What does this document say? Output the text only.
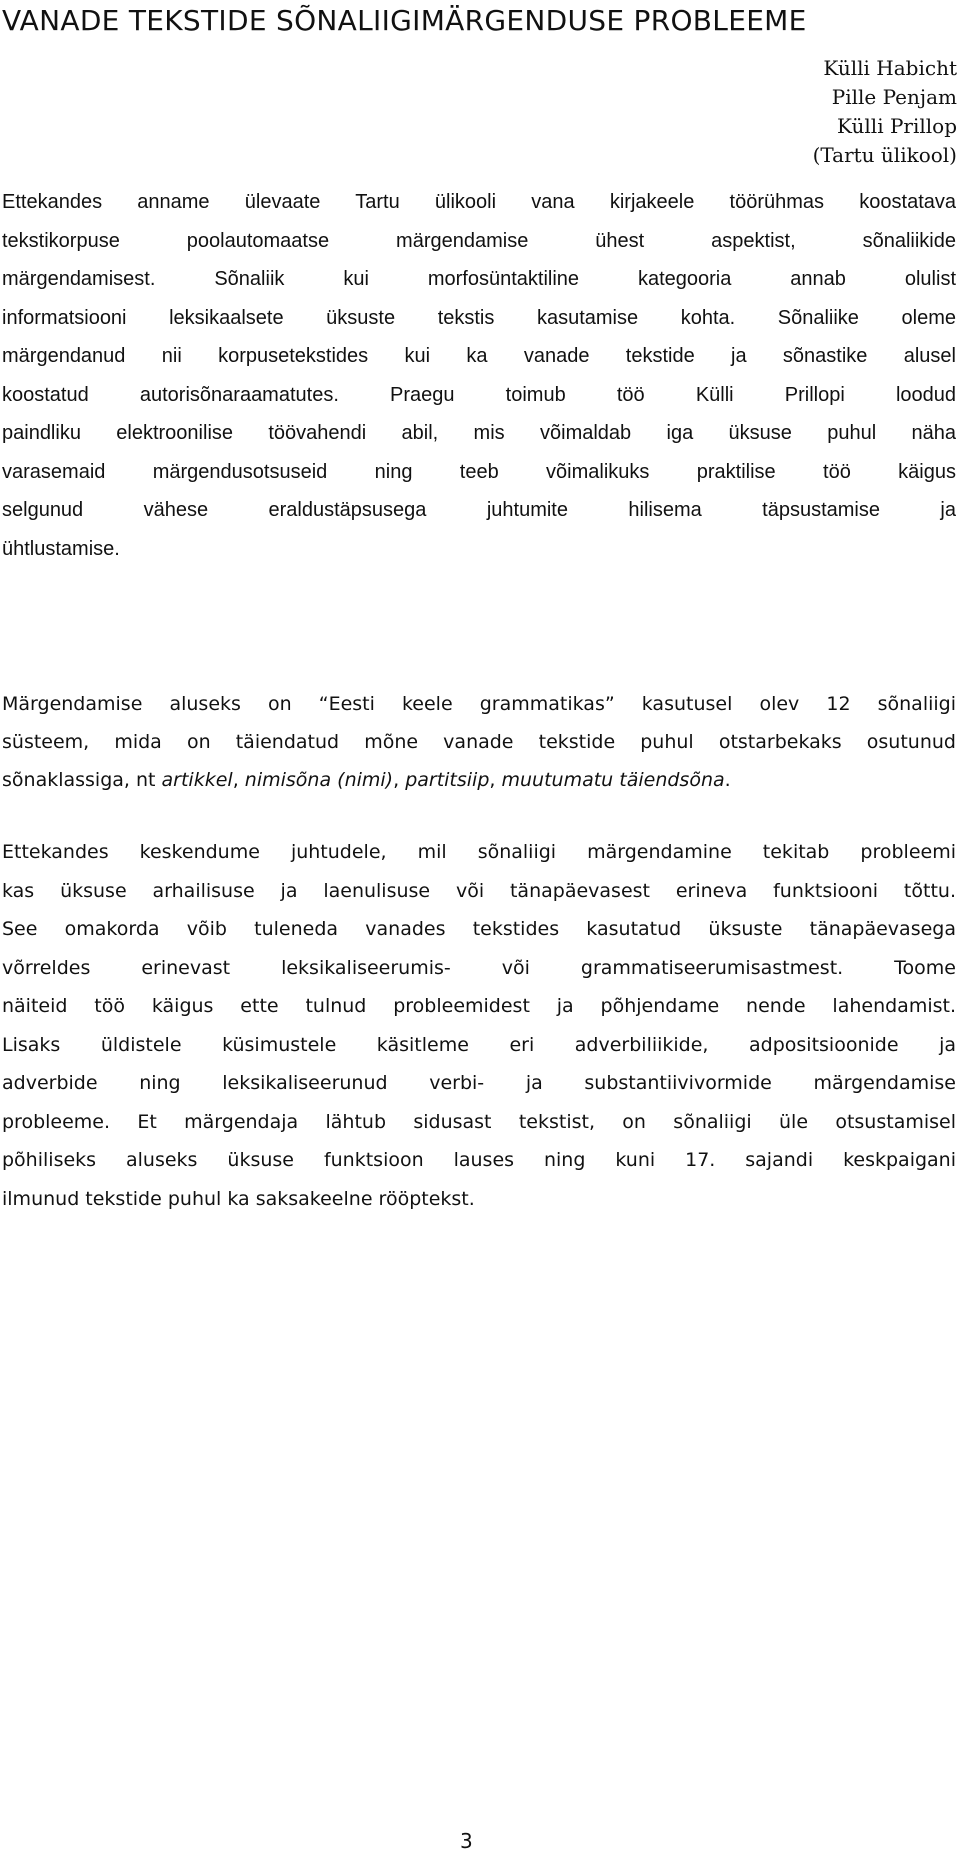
VANADE TEKSTIDE SÕNALIIGIMÄRGENDUSE PROBLEEME
Külli Habicht
Pille Penjam
Külli Prillop
(Tartu ülikool)

Ettekandes anname ülevaate Tartu ülikooli vana kirjakeele töörühmas koostatava
tekstikorpuse poolautomaatse märgendamise ühest aspektist, sõnaliikide
märgendamisest. Sõnaliik kui morfosüntaktiline kategooria annab olulist
informatsiooni leksikaalsete üksuste tekstis kasutamise kohta. Sõnaliike oleme
märgendanud nii korpusetekstides kui ka vanade tekstide ja sõnastike alusel
koostatud autorisõnaraamatutes. Praegu toimub töö Külli Prillopi loodud
paindliku elektroonilise töövahendi abil, mis võimaldab iga üksuse puhul näha
varasemaid märgendusotsuseid ning teeb võimalikuks praktilise töö käigus
selgunud vähese eraldustäpsusega juhtumite hilisema täpsustamise ja
ühtlustamise.

Märgendamise aluseks on “Eesti keele grammatikas” kasutusel olev 12 sõnaliigi
süsteem, mida on täiendatud mõne vanade tekstide puhul otstarbekaks osutunud
sõnaklassiga, nt artikkel, nimisõna (nimi), partitsiip, muutumatu täiendsõna.

Ettekandes keskendume juhtudele, mil sõnaliigi märgendamine tekitab probleemi
kas üksuse arhailisuse ja laenulisuse või tänapäevasest erineva funktsiooni tõttu.
See omakorda võib tuleneda vanades tekstides kasutatud üksuste tänapäevasega
võrreldes erinevast leksikaliseerumis- või grammatiseerumisastmest. Toome
näiteid töö käigus ette tulnud probleemidest ja põhjendame nende lahendamist.
Lisaks üldistele küsimustele käsitleme eri adverbiliikide, adpositsioonide ja
adverbide ning leksikaliseerunud verbi- ja substantiivivormide märgendamise
probleeme. Et märgendaja lähtub sidusast tekstist, on sõnaliigi üle otsustamisel
põhiliseks aluseks üksuse funktsioon lauses ning kuni 17. sajandi keskpaigani
ilmunud tekstide puhul ka saksakeelne rööptekst.

3
